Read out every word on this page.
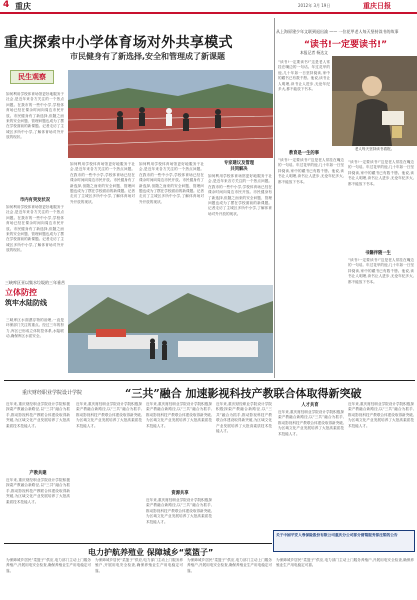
4 重庆	2012年 3月 19日	重庆日报
重庆探索中小学体育场对外共享模式
市民健身有了新选择,安全和管理成了新课题
民生观察
市内有突发状况
专家建议及管理
共同解决
如何利用学校体育场馆更好地服务于社会,是近年来各方关注的一个热点问题。在我市的一些中小学,学校体育场已经在课余时间向周边市民开放。市民健身有了新选择,但随之而来的安全问题、管理问题也成为了摆在学校面前的新课题。记者走访了主城区多所中小学,了解体育场对外开放的现状。
如何利用学校体育场馆更好地服务于社会,是近年来各方关注的一个热点问题。在我市的一些中小学,学校体育场已经在课余时间向周边市民开放。市民健身有了新选择,但随之而来的安全问题、管理问题也成为了摆在学校面前的新课题。记者走访了主城区多所中小学,了解体育场对外开放的现状。
如何利用学校体育场馆更好地服务于社会,是近年来各方关注的一个热点问题。在我市的一些中小学,学校体育场已经在课余时间向周边市民开放。市民健身有了新选择,但随之而来的安全问题、管理问题也成为了摆在学校面前的新课题。记者走访了主城区多所中小学,了解体育场对外开放的现状。
如何利用学校体育场馆更好地服务于社会,是近年来各方关注的一个热点问题。在我市的一些中小学,学校体育场已经在课余时间向周边市民开放。市民健身有了新选择,但随之而来的安全问题、管理问题也成为了摆在学校面前的新课题。记者走访了主城区多所中小学,了解体育场对外开放的现状。
如何利用学校体育场馆更好地服务于社会,是近年来各方关注的一个热点问题。在我市的一些中小学,学校体育场已经在课余时间向周边市民开放。市民健身有了新选择,但随之而来的安全问题、管理问题也成为了摆在学校面前的新课题。记者走访了主城区多所中小学,了解体育场对外开放的现状。
从上海原建少年文联到退出渝 —— 一位花甲老人每天坚持读书的故事
“读书!一定要读书!”
本报记者 杨达文
老人每天坚持读书看报。
教育是一生的事
书籍伴随一生
“读书!一定要读书!”这是老人常挂在嘴边的一句话。年过花甲的他,几十年如一日坚持阅读,家中的藏书已有数千册。他说,读书让人明理,读书让人进步,无论年纪多大,都不能放下书本。
“读书!一定要读书!”这是老人常挂在嘴边的一句话。年过花甲的他,几十年如一日坚持阅读,家中的藏书已有数千册。他说,读书让人明理,读书让人进步,无论年纪多大,都不能放下书本。
“读书!一定要读书!”这是老人常挂在嘴边的一句话。年过花甲的他,几十年如一日坚持阅读,家中的藏书已有数千册。他说,读书让人明理,读书让人进步,无论年纪多大,都不能放下书本。
“读书!一定要读书!”这是老人常挂在嘴边的一句话。年过花甲的他,几十年如一日坚持阅读,家中的藏书已有数千册。他说,读书让人明理,读书让人进步,无论年纪多大,都不能放下书本。
三峡库区亚以集水垃圾的三年垂苦
立体防控
筑牢水陆防线
三峡库区水面漂浮物的治理,一直是环保部门关注的重点。经过三年的努力,库区已形成立体防控体系,水陆联动,确保库区水质安全。
重庆财经职业学院设计学院	“三共”融合 加速影视科技产教联合体取得新突破
产教共建
资源共享
人才共育
近年来,重庆财经职业学院设计学院积极探索产教融合新路径,以“三共”融合为抓手,推动影视科技产教联合体建设取得新突破,为区域文化产业发展培养了大批高素质技术技能人才。
近年来,重庆财经职业学院设计学院积极探索产教融合新路径,以“三共”融合为抓手,推动影视科技产教联合体建设取得新突破,为区域文化产业发展培养了大批高素质技术技能人才。
近年来,重庆财经职业学院设计学院积极探索产教融合新路径,以“三共”融合为抓手,推动影视科技产教联合体建设取得新突破,为区域文化产业发展培养了大批高素质技术技能人才。
近年来,重庆财经职业学院设计学院积极探索产教融合新路径,以“三共”融合为抓手,推动影视科技产教联合体建设取得新突破,为区域文化产业发展培养了大批高素质技术技能人才。
近年来,重庆财经职业学院设计学院积极探索产教融合新路径,以“三共”融合为抓手,推动影视科技产教联合体建设取得新突破,为区域文化产业发展培养了大批高素质技术技能人才。
近年来,重庆财经职业学院设计学院积极探索产教融合新路径,以“三共”融合为抓手,推动影视科技产教联合体建设取得新突破,为区域文化产业发展培养了大批高素质技术技能人才。
近年来,重庆财经职业学院设计学院积极探索产教融合新路径,以“三共”融合为抓手,推动影视科技产教联合体建设取得新突破,为区域文化产业发展培养了大批高素质技术技能人才。
近年来,重庆财经职业学院设计学院积极探索产教融合新路径,以“三共”融合为抓手,推动影视科技产教联合体建设取得新突破,为区域文化产业发展培养了大批高素质技术技能人才。
关于中国平安人寿保险股份有限公司重庆分公司部分营销服务部注销的公告
电力护航养殖业 保障城乡“菜篮子”
为保障城乡居民“菜篮子”供应,电力部门主动上门服务养殖户,开展用电安全检查,确保养殖业生产用电稳定可靠。
为保障城乡居民“菜篮子”供应,电力部门主动上门服务养殖户,开展用电安全检查,确保养殖业生产用电稳定可靠。
为保障城乡居民“菜篮子”供应,电力部门主动上门服务养殖户,开展用电安全检查,确保养殖业生产用电稳定可靠。
为保障城乡居民“菜篮子”供应,电力部门主动上门服务养殖户,开展用电安全检查,确保养殖业生产用电稳定可靠。
